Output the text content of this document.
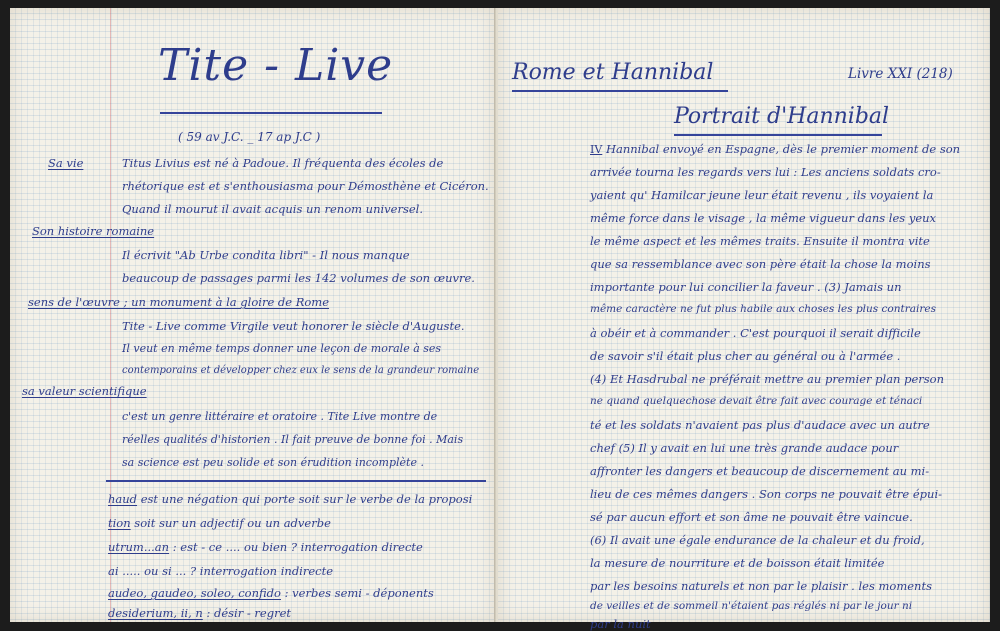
Tite - Live
( 59 av J.C. _ 17 ap J.C )
Sa vie	Titus Livius est né à Padoue. Il fréquenta des écoles de
rhétorique est et s'enthousiasma pour Démosthène et Cicéron.
Quand il mourut il avait acquis un renom universel.
Son histoire romaine
Il écrivit "Ab Urbe condita libri" - Il nous manque
beaucoup de passages parmi les 142 volumes de son œuvre.
sens de l'œuvre ; un monument à la gloire de Rome
Tite - Live comme Virgile veut honorer le siècle d'Auguste.
Il veut en même temps donner une leçon de morale à ses
contemporains et développer chez eux le sens de la grandeur romaine
sa valeur scientifique
c'est un genre littéraire et oratoire . Tite Live montre de
réelles qualités d'historien . Il fait preuve de bonne foi . Mais
sa science est peu solide et son érudition incomplète .
haud est une négation qui porte soit sur le verbe de la proposi
tion soit sur un adjectif ou un adverbe
utrum...an : est - ce .... ou bien ? interrogation directe
ai ..... ou si ... ? interrogation indirecte
audeo, gaudeo, soleo, confido : verbes semi - déponents
desiderium, ii, n : désir - regret
Rome et Hannibal	Livre XXI (218)
Portrait d'Hannibal
IV Hannibal envoyé en Espagne, dès le premier moment de son
arrivée tourna les regards vers lui : Les anciens soldats cro-
yaient qu' Hamilcar jeune leur était revenu , ils voyaient la
même force dans le visage , la même vigueur dans les yeux
le même aspect et les mêmes traits. Ensuite il montra vite
que sa ressemblance avec son père était la chose la moins
importante pour lui concilier la faveur . (3) Jamais un
même caractère ne fut plus habile aux choses les plus contraires
à obéir et à commander . C'est pourquoi il serait difficile
de savoir s'il était plus cher au général ou à l'armée .
(4) Et Hasdrubal ne préférait mettre au premier plan person
ne quand quelquechose devait être fait avec courage et ténaci
té et les soldats n'avaient pas plus d'audace avec un autre
chef (5) Il y avait en lui une très grande audace pour
affronter les dangers et beaucoup de discernement au mi-
lieu de ces mêmes dangers . Son corps ne pouvait être épui-
sé par aucun effort et son âme ne pouvait être vaincue.
(6) Il avait une égale endurance de la chaleur et du froid,
la mesure de nourriture et de boisson était limitée
par les besoins naturels et non par le plaisir . les moments
de veilles et de sommeil n'étaient pas réglés ni par le jour ni
par la nuit
